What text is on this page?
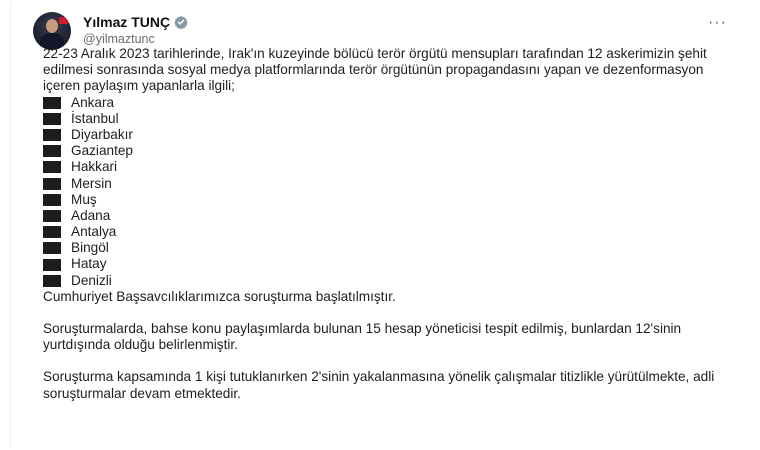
Yılmaz TUNÇ
@yilmaztunc
···

22-23 Aralık 2023 tarihlerinde, Irak'ın kuzeyinde bölücü terör örgütü mensupları tarafından 12 askerimizin şehit edilmesi sonrasında sosyal medya platformlarında terör örgütünün propagandasını yapan ve dezenformasyon içeren paylaşım yapanlarla ilgili;

Ankara
İstanbul
Diyarbakır
Gaziantep
Hakkari
Mersin
Muş
Adana
Antalya
Bingöl
Hatay
Denizli

Cumhuriyet Başsavcılıklarımızca soruşturma başlatılmıştır.

Soruşturmalarda, bahse konu paylaşımlarda bulunan 15 hesap yöneticisi tespit edilmiş, bunlardan 12'sinin yurtdışında olduğu belirlenmiştir.

Soruşturma kapsamında 1 kişi tutuklanırken 2'sinin yakalanmasına yönelik çalışmalar titizlikle yürütülmekte, adli soruşturmalar devam etmektedir.
